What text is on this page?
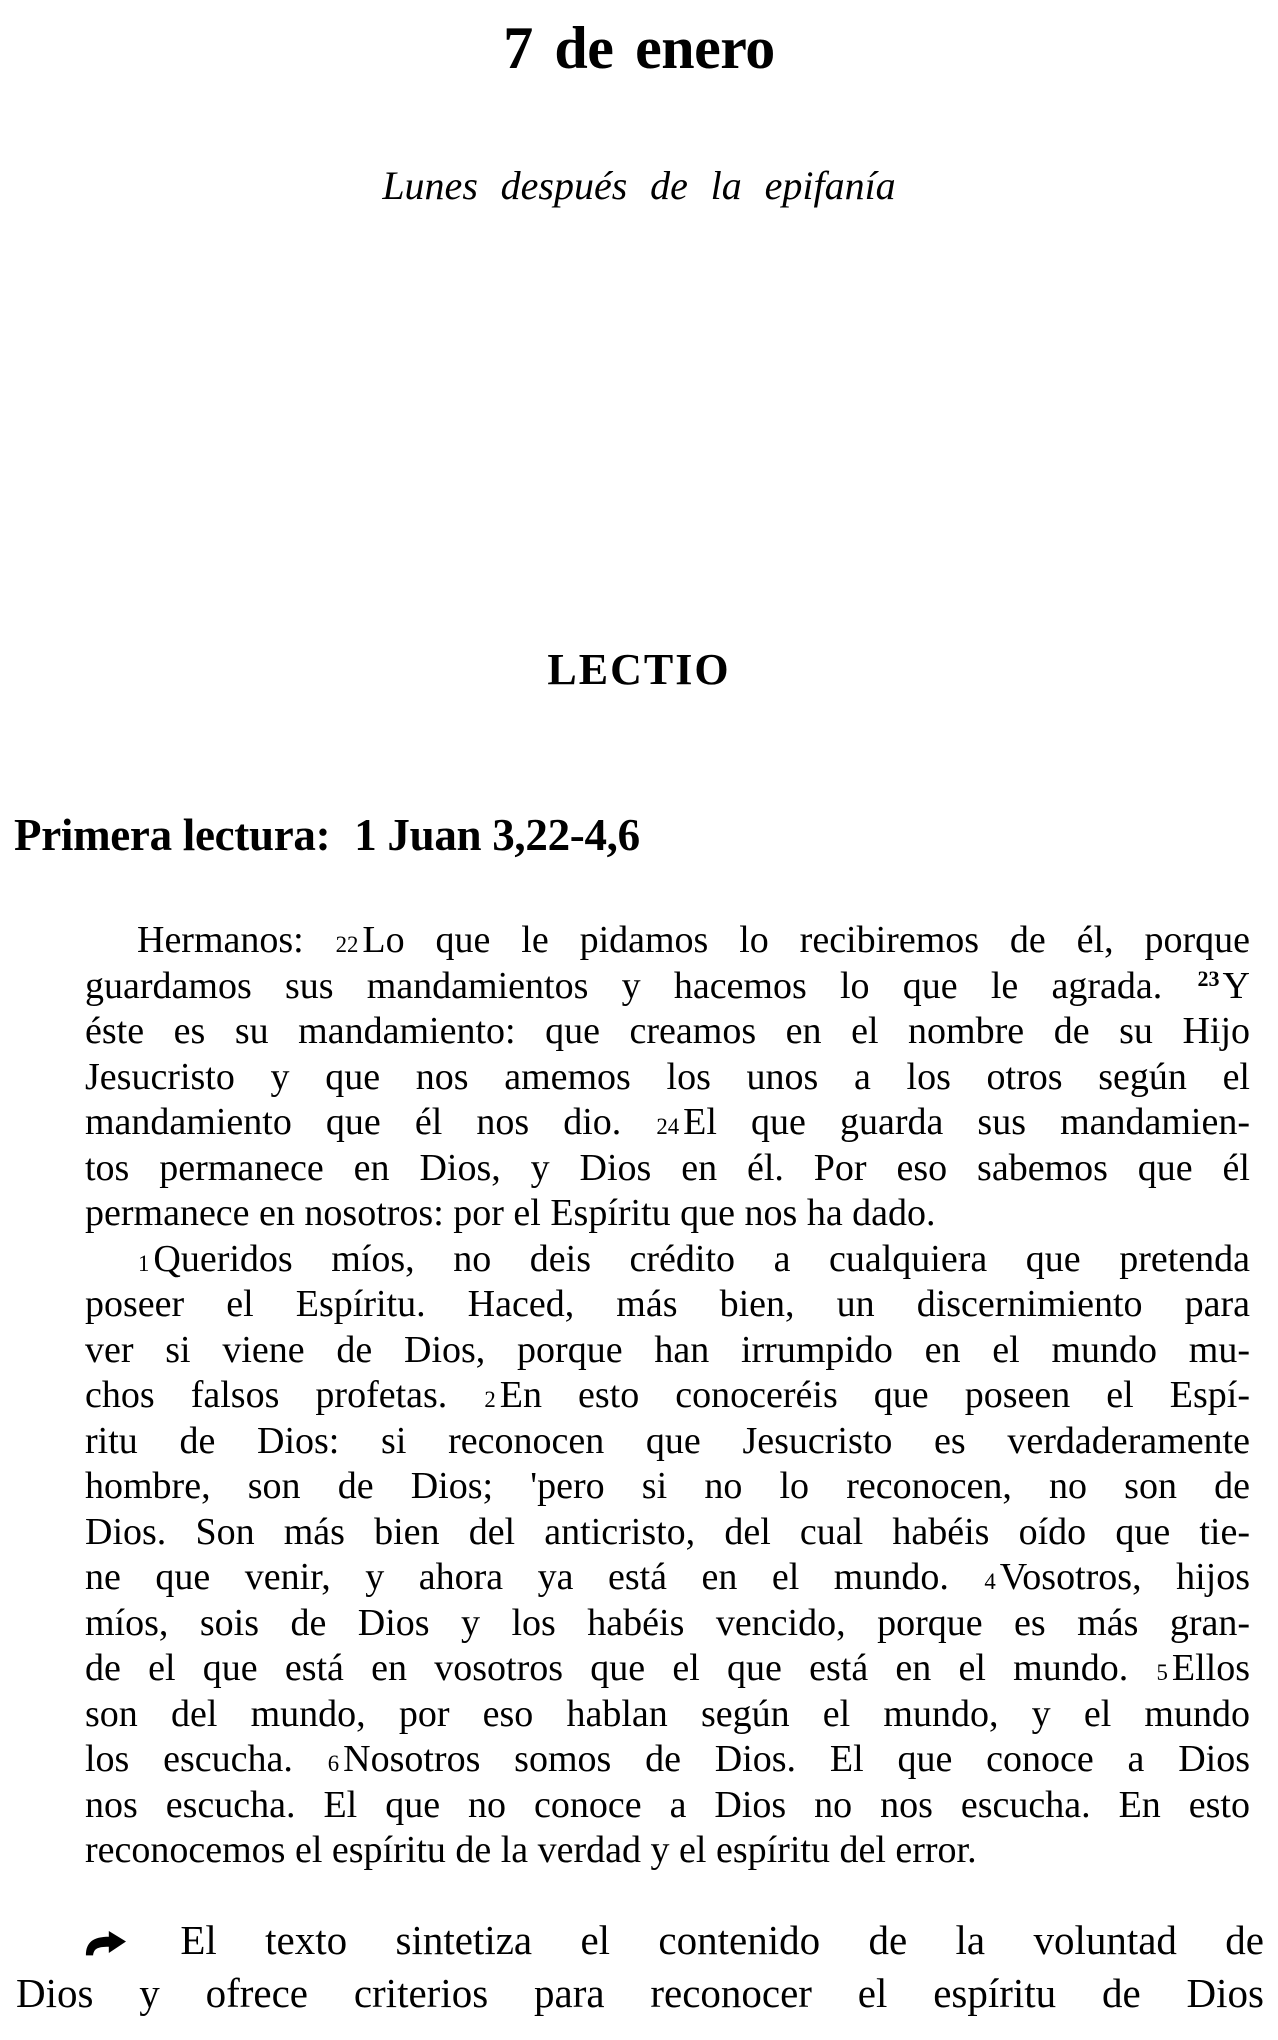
7 de enero
Lunes después de la epifanía
LECTIO
Primera lectura: 1 Juan 3,22-4,6
Hermanos: 22 Lo que le pidamos lo recibiremos de él, porque
guardamos sus mandamientos y hacemos lo que le agrada. $^{23}$Y
éste es su mandamiento: que creamos en el nombre de su Hijo
Jesucristo y que nos amemos los unos a los otros según el
mandamiento que él nos dio. 24 El que guarda sus mandamien-
tos permanece en Dios, y Dios en él. Por eso sabemos que él
permanece en nosotros: por el Espíritu que nos ha dado.
1 Queridos míos, no deis crédito a cualquiera que pretenda
poseer el Espíritu. Haced, más bien, un discernimiento para
ver si viene de Dios, porque han irrumpido en el mundo mu-
chos falsos profetas. 2 En esto conoceréis que poseen el Espí-
ritu de Dios: si reconocen que Jesucristo es verdaderamente
hombre, son de Dios; 'pero si no lo reconocen, no son de
Dios. Son más bien del anticristo, del cual habéis oído que tie-
ne que venir, y ahora ya está en el mundo. 4 Vosotros, hijos
míos, sois de Dios y los habéis vencido, porque es más gran-
de el que está en vosotros que el que está en el mundo. 5 Ellos
son del mundo, por eso hablan según el mundo, y el mundo
los escucha. 6 Nosotros somos de Dios. El que conoce a Dios
nos escucha. El que no conoce a Dios no nos escucha. En esto
reconocemos el espíritu de la verdad y el espíritu del error.
El texto sintetiza el contenido de la voluntad de
Dios y ofrece criterios para reconocer el espíritu de Dios
